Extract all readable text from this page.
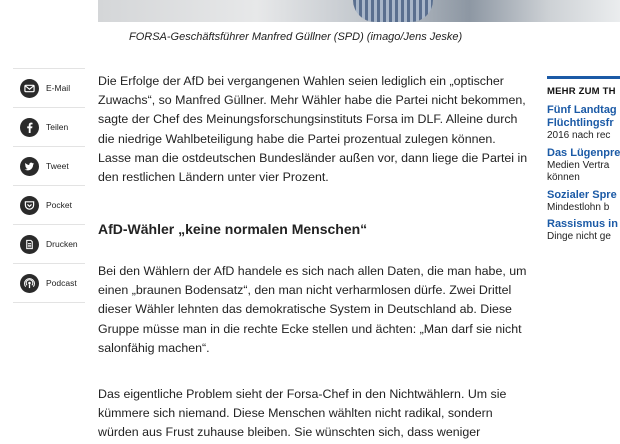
FORSA-Geschäftsführer Manfred Güllner (SPD) (imago/Jens Jeske)
E-Mail
Teilen
Tweet
Pocket
Drucken
Podcast

Die Erfolge der AfD bei vergangenen Wahlen seien lediglich ein „optischer Zuwachs“, so Manfred Güllner. Mehr Wähler habe die Partei nicht bekommen, sagte der Chef des Meinungsforschungsinstituts Forsa im DLF. Alleine durch die niedrige Wahlbeteiligung habe die Partei prozentual zulegen können. Lasse man die ostdeutschen Bundesländer außen vor, dann liege die Partei in den restlichen Ländern unter vier Prozent.

AfD-Wähler „keine normalen Menschen“

Bei den Wählern der AfD handele es sich nach allen Daten, die man habe, um einen „braunen Bodensatz“, den man nicht verharmlosen dürfe. Zwei Drittel dieser Wähler lehnten das demokratische System in Deutschland ab. Diese Gruppe müsse man in die rechte Ecke stellen und ächten: „Man darf sie nicht salonfähig machen“.

Das eigentliche Problem sieht der Forsa-Chef in den Nichtwählern. Um sie kümmere sich niemand. Diese Menschen wählten nicht radikal, sondern würden aus Frust zuhause bleiben. Sie wünschten sich, dass weniger

MEHR ZUM TH
Fünf Landtag
Flüchtlingsfr
2016 nach rec
Das Lügenpre
Medien Vertra
können
Sozialer Spre
Mindestlohn b
Rassismus in
Dinge nicht ge
